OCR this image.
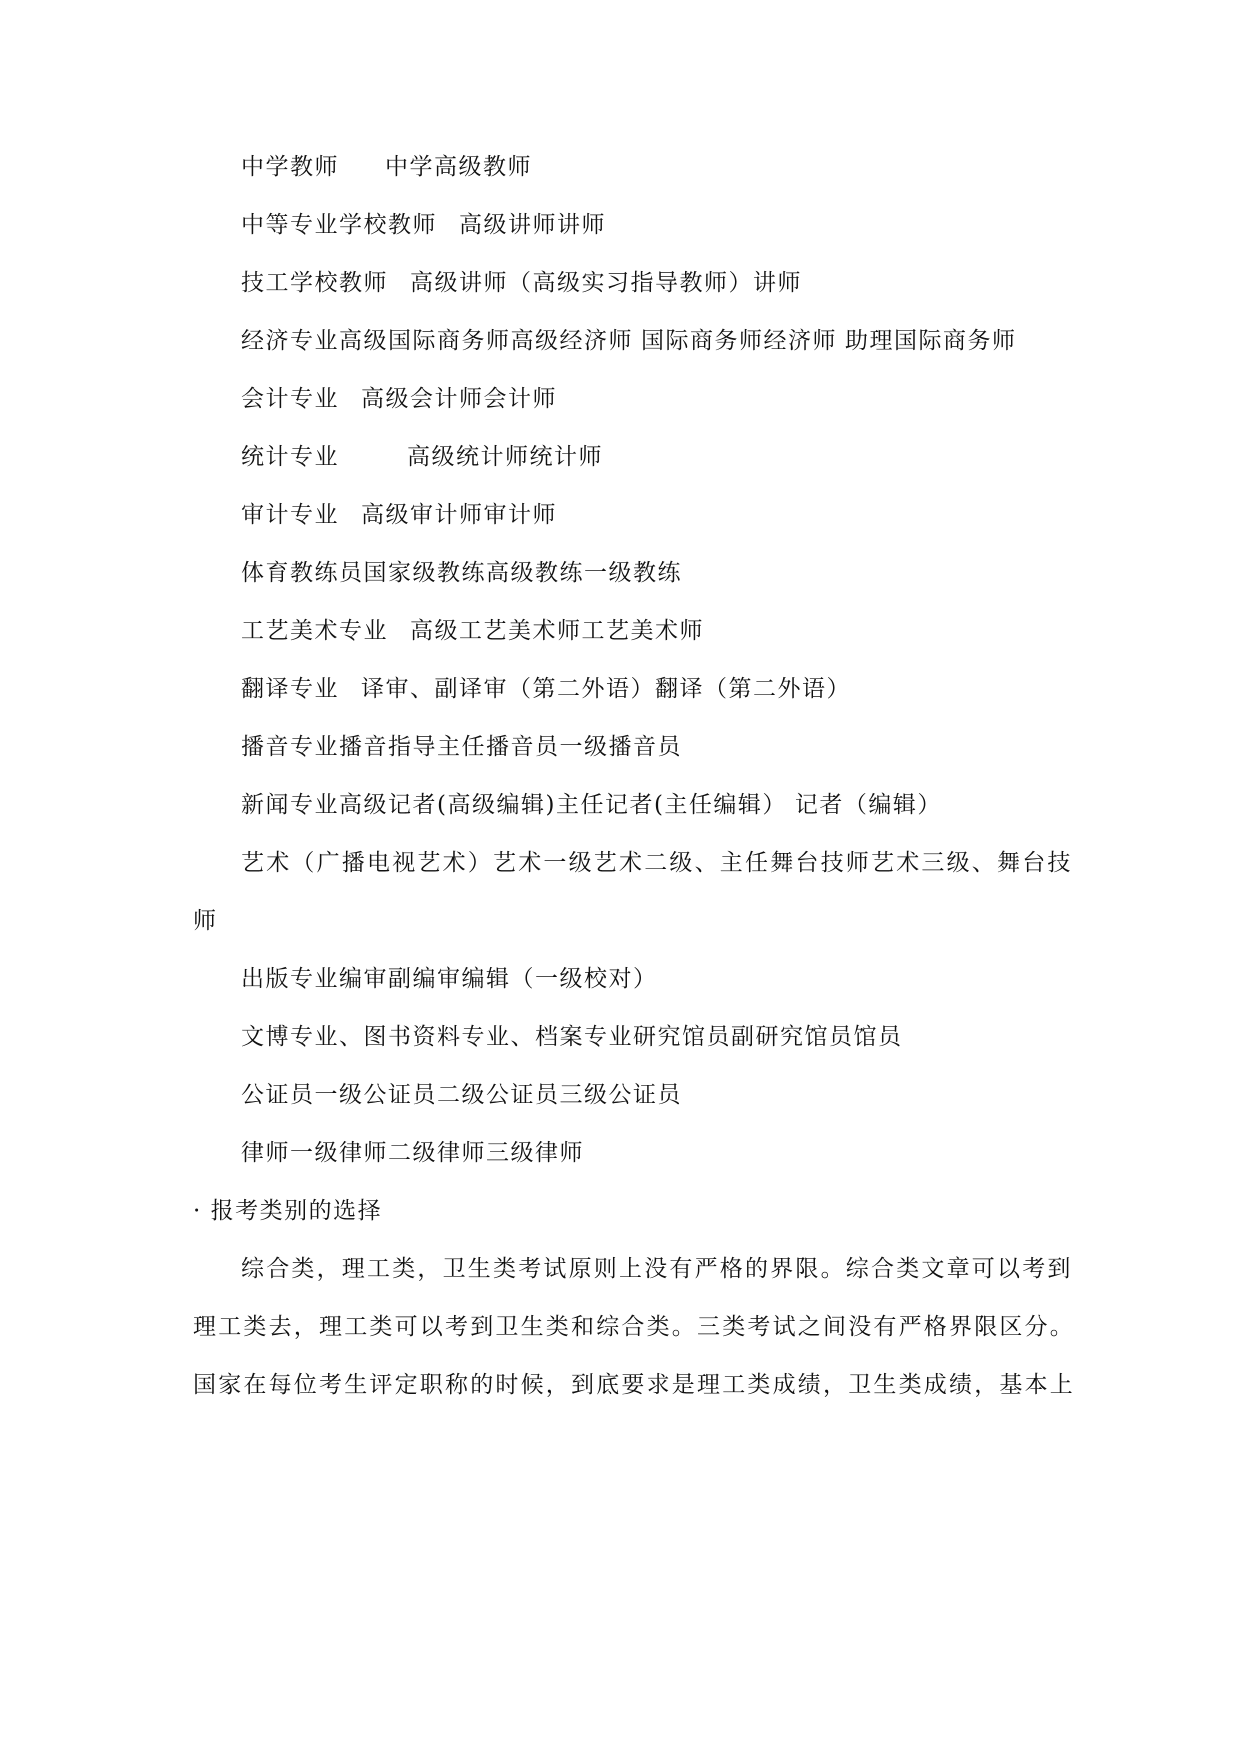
中学教师 中学高级教师
中等专业学校教师 高级讲师讲师
技工学校教师 高级讲师（高级实习指导教师）讲师
经济专业高级国际商务师高级经济师 国际商务师经济师 助理国际商务师
会计专业 高级会计师会计师
统计专业	高级统计师统计师
审计专业 高级审计师审计师
体育教练员国家级教练高级教练一级教练
工艺美术专业 高级工艺美术师工艺美术师
翻译专业 译审、副译审（第二外语）翻译（第二外语）
播音专业播音指导主任播音员一级播音员
新闻专业高级记者(高级编辑)主任记者(主任编辑） 记者（编辑）
艺术（广播电视艺术）艺术一级艺术二级、主任舞台技师艺术三级、舞台技
师
出版专业编审副编审编辑（一级校对）
文博专业、图书资料专业、档案专业研究馆员副研究馆员馆员
公证员一级公证员二级公证员三级公证员
律师一级律师二级律师三级律师
· 报考类别的选择
综合类，理工类，卫生类考试原则上没有严格的界限。综合类文章可以考到
理工类去，理工类可以考到卫生类和综合类。三类考试之间没有严格界限区分。
国家在每位考生评定职称的时候，到底要求是理工类成绩，卫生类成绩，基本上
